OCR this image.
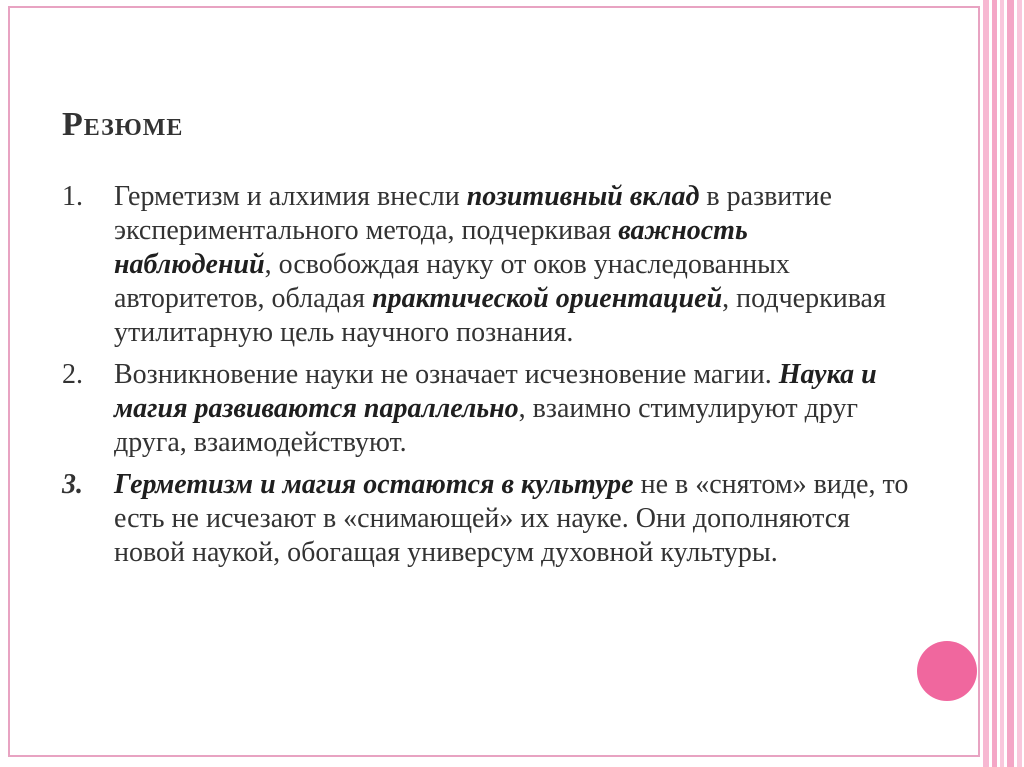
Резюме
1. Герметизм и алхимия внесли позитивный вклад в развитие экспериментального метода, подчеркивая важность наблюдений, освобождая науку от оков унаследованных авторитетов, обладая практической ориентацией, подчеркивая утилитарную цель научного познания.
2. Возникновение науки не означает исчезновение магии. Наука и магия развиваются параллельно, взаимно стимулируют друг друга, взаимодействуют.
3. Герметизм и магия остаются в культуре не в «снятом» виде, то есть не исчезают в «снимающей» их науке. Они дополняются новой наукой, обогащая универсум духовной культуры.
